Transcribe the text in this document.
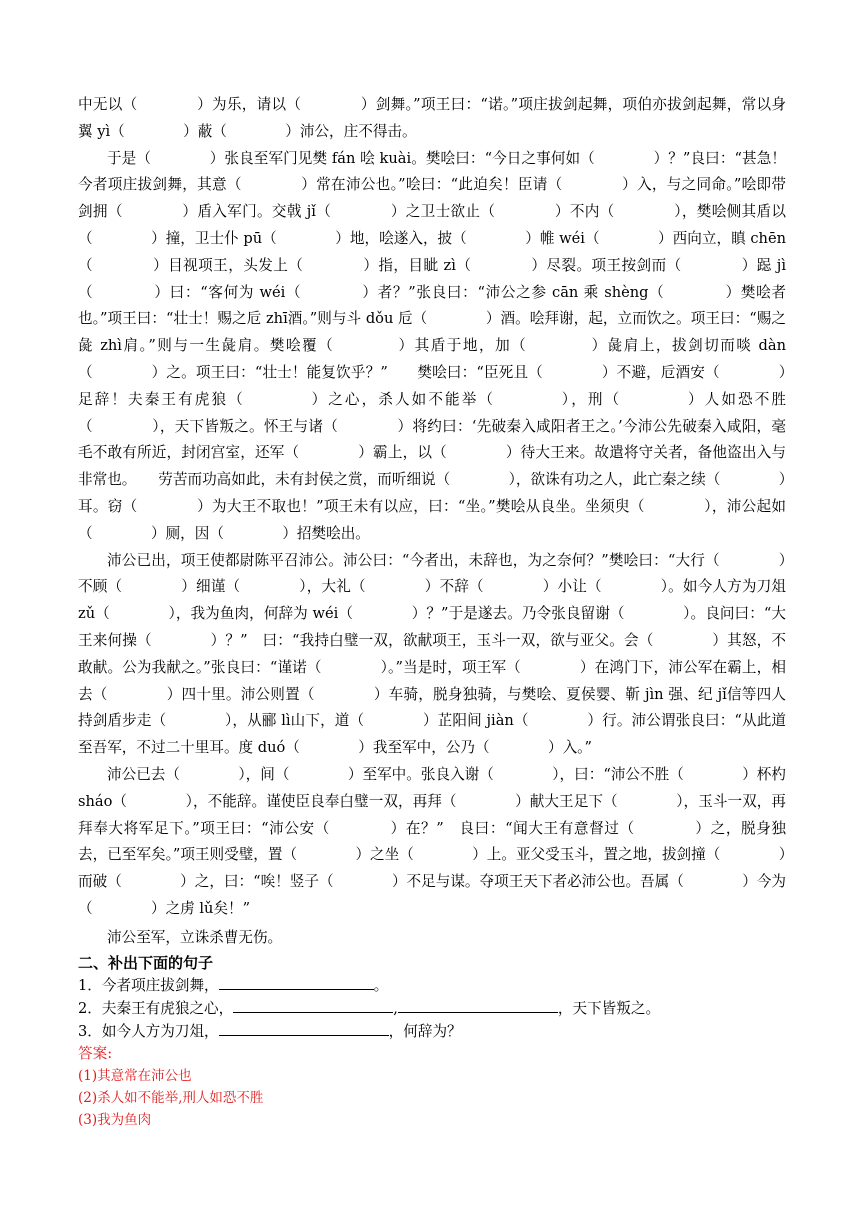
中无以（　　　　）为乐，请以（　　　　）剑舞。”项王曰：“诺。”项庄拔剑起舞，项伯亦拔剑起舞，常以身翼 yì（　　　　）蔽（　　　　）沛公，庄不得击。

于是（　　　　）张良至军门见樊 fán 哙 kuài。樊哙曰：“今日之事何如（　　　　）？”良曰：“甚急！今者项庄拔剑舞，其意（　　　　）常在沛公也。”哙曰：“此迫矣！臣请（　　　　）入，与之同命。”哙即带剑拥（　　　　）盾入军门。交戟 jǐ（　　　　）之卫士欲止（　　　　）不内（　　　　），樊哙侧其盾以（　　　　）撞，卫士仆 pū（　　　　）地，哙遂入，披（　　　　）帷 wéi（　　　　）西向立，瞋 chēn（　　　　）目视项王，头发上（　　　　）指，目眦 zì（　　　　）尽裂。项王按剑而（　　　　）跽 jì（　　　　）曰：“客何为 wéi（　　　　）者？”张良曰：“沛公之参 cān 乘 shèng（　　　　）樊哙者也。”项王曰：“壮士！赐之卮 zhī酒。”则与斗 dǒu 卮（　　　　）酒。哙拜谢，起，立而饮之。项王曰：“赐之彘 zhì肩。”则与一生彘肩。樊哙覆（　　　　）其盾于地，加（　　　　）彘肩上，拔剑切而啖 dàn（　　　　）之。项王曰：“壮士！能复饮乎？”　　樊哙曰：“臣死且（　　　　）不避，卮酒安（　　　　）足辞！夫秦王有虎狼（　　　　）之心，杀人如不能举（　　　　），刑（　　　　）人如恐不胜（　　　　），天下皆叛之。怀王与诸（　　　　）将约曰：‘先破秦入咸阳者王之。’今沛公先破秦入咸阳，毫毛不敢有所近，封闭宫室，还军（　　　　）霸上，以（　　　　）待大王来。故遣将守关者，备他盗出入与非常也。　　劳苦而功高如此，未有封侯之赏，而听细说（　　　　），欲诛有功之人，此亡秦之续（　　　　）耳。窃（　　　　）为大王不取也！”项王未有以应，曰：“坐。”樊哙从良坐。坐须臾（　　　　），沛公起如（　　　　）厕，因（　　　　）招樊哙出。

沛公已出，项王使都尉陈平召沛公。沛公曰：“今者出，未辞也，为之奈何？”樊哙曰：“大行（　　　　）不顾（　　　　）细谨（　　　　），大礼（　　　　）不辞（　　　　）小让（　　　　）。如今人方为刀俎 zǔ（　　　　），我为鱼肉，何辞为 wéi（　　　　）？”于是遂去。乃令张良留谢（　　　　）。良问曰：“大王来何操（　　　　）？”　曰：“我持白璧一双，欲献项王，玉斗一双，欲与亚父。会（　　　　）其怒，不敢献。公为我献之。”张良曰：“谨诺（　　　　）。”当是时，项王军（　　　　）在鸿门下，沛公军在霸上，相去（　　　　）四十里。沛公则置（　　　　）车骑，脱身独骑，与樊哙、夏侯婴、靳 jìn 强、纪 jǐ信等四人持剑盾步走（　　　　），从郦 lì山下，道（　　　　）芷阳间 jiàn（　　　　）行。沛公谓张良曰：“从此道至吾军，不过二十里耳。度 duó（　　　　）我至军中，公乃（　　　　）入。”

沛公已去（　　　　），间（　　　　）至军中。张良入谢（　　　　），曰：“沛公不胜（　　　　）杯杓 sháo（　　　　），不能辞。谨使臣良奉白璧一双，再拜（　　　　）献大王足下（　　　　），玉斗一双，再拜奉大将军足下。”项王曰：“沛公安（　　　　）在？”　良曰：“闻大王有意督过（　　　　）之，脱身独去，已至军矣。”项王则受璧，置（　　　　）之坐（　　　　）上。亚父受玉斗，置之地，拔剑撞（　　　　）而破（　　　　）之，曰：“唉！竖子（　　　　）不足与谋。夺项王天下者必沛公也。吾属（　　　　）今为（　　　　）之虏 lǔ矣！”

沛公至军，立诛杀曹无伤。

二、补出下面的句子

1．今者项庄拔剑舞，	。

2．夫秦王有虎狼之心，	,	，天下皆叛之。

3．如今人方为刀俎，	，何辞为？

答案:
(1)其意常在沛公也
(2)杀人如不能举,刑人如恐不胜
(3)我为鱼肉
